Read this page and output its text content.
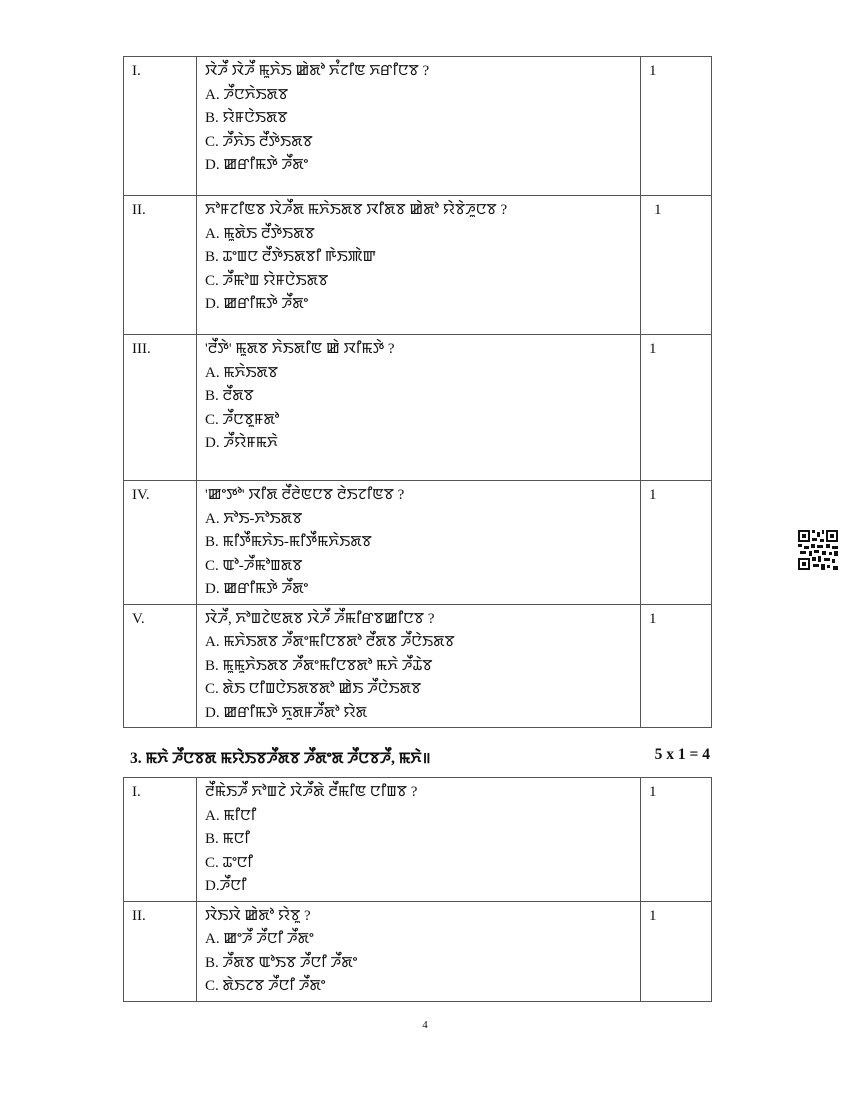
I.	ꯋꯥꯍꯩ ꯋꯥꯍꯩ ꯃꯨꯈꯥꯏ ꯀꯥꯗꯣ ꯈꯪꯖꯤꯟ ꯈꯔꯤꯅꯕ ?
A. ꯍꯩꯅꯈꯥꯏꯗꯕ
B. ꯌꯥꯝꯅꯥꯏꯗꯕ
C. ꯍꯩꯈꯥꯏ ꯂꯩꯇꯥꯏꯗꯕ
D. ꯀꯔꯤꯃꯇꯥ ꯍꯩꯗꯦ	1
II.	ꯈꯣꯝꯖꯤꯟꯕ ꯋꯥꯍꯩꯗ ꯃꯈꯥꯏꯗꯕ ꯋꯤꯗꯕ ꯀꯥꯗꯣ ꯌꯥꯕꯥꯍꯨꯅꯕ ?
A. ꯃꯨꯗꯥꯏ ꯂꯩꯇꯥꯏꯗꯕ
B. ꯊꯦꯡꯅ ꯂꯩꯇꯥꯏꯗꯕꯤ ꯒꯥꯏꯄꯥꯛ
C. ꯍꯩꯃꯣꯡ ꯌꯥꯝꯅꯥꯏꯗꯕ
D. ꯀꯔꯤꯃꯇꯥ ꯍꯩꯗꯦ	1
III.	'ꯂꯩꯇꯥ' ꯃꯨꯗꯕ ꯈꯥꯏꯗꯤꯟ ꯀꯥ ꯋꯤꯃꯇꯥ ?
A. ꯃꯈꯥꯏꯗꯕ
B. ꯂꯩꯗꯕ
C. ꯍꯩꯅꯕꯨꯝꯗꯣ
D. ꯍꯩꯌꯥꯝꯃꯈꯥ	1
IV.	'ꯀꯦꯇꯣ' ꯋꯤꯗ ꯂꯩꯂꯥꯟꯅꯕ ꯂꯥꯏꯖꯤꯟꯕ ?
A. ꯈꯣꯏ-ꯈꯣꯏꯗꯕ
B. ꯃꯤꯇꯩꯃꯈꯥꯏ-ꯃꯤꯇꯩꯃꯈꯥꯏꯗꯕ
C. ꯑꯣ-ꯍꯩꯃꯣꯡꯗꯕ
D. ꯀꯔꯤꯃꯇꯥ ꯍꯩꯗꯦ	1
V.	ꯋꯥꯍꯩ, ꯈꯣꯡꯖꯥꯟꯗꯕ ꯋꯥꯍꯩ ꯍꯩꯃꯤꯔꯕꯀꯤꯅꯕ ?
A. ꯃꯈꯥꯏꯗꯕ ꯍꯩꯗꯦꯃꯤꯅꯕꯗꯣ ꯂꯩꯗꯕ ꯍꯩꯅꯥꯏꯗꯕ
B. ꯃꯨꯃꯨꯈꯥꯏꯗꯕ ꯍꯩꯗꯦꯃꯤꯅꯕꯗꯣ ꯃꯈꯥ ꯍꯩꯊꯥꯕ
C. ꯗꯥꯏ ꯅꯤꯡꯅꯥꯏꯗꯕꯗꯣ ꯀꯥꯏ ꯍꯩꯅꯥꯏꯗꯕ
D. ꯀꯔꯤꯃꯇꯥ ꯈꯨꯗꯝꯍꯩꯗꯣ ꯌꯥꯗ	1
3. ꯃꯈꯥ ꯍꯩꯅꯕꯗ ꯃꯌꯥꯏꯕꯍꯩꯗꯕ ꯍꯩꯗꯦꯗ ꯍꯩꯅꯕꯍꯩ, ꯃꯈꯥ॥	5 x 1 = 4
I.	ꯂꯩꯃꯥꯏꯍꯩ ꯈꯣꯡꯖꯥ ꯋꯥꯍꯩꯗꯥ ꯂꯩꯃꯤꯟ ꯅꯤꯡꯕ ?
A. ꯃꯤꯅꯤ
B. ꯃꯅꯤ
C. ꯊꯦꯅꯤ
D.ꯍꯩꯅꯤ	1
II.	ꯋꯥꯏꯋꯥ ꯀꯥꯗꯣ ꯌꯥꯕꯨ ?
A. ꯀꯦꯍꯩ ꯍꯩꯅꯤ ꯍꯩꯗꯦ
B. ꯍꯩꯗꯕ ꯑꯣꯏꯕ ꯍꯩꯅꯤ ꯍꯩꯗꯦ
C. ꯗꯥꯏꯖꯕ ꯍꯩꯅꯤ ꯍꯩꯗꯦ	1
4
